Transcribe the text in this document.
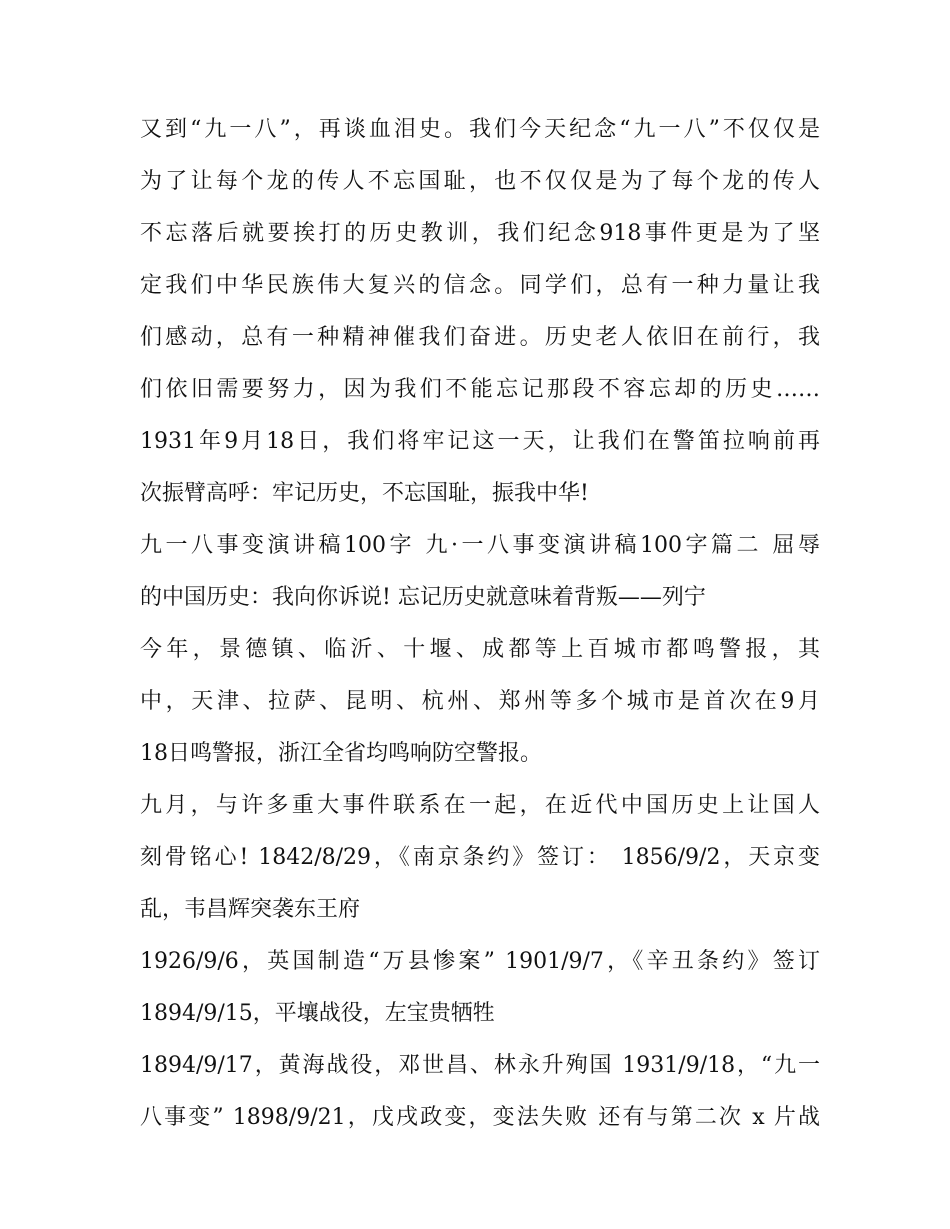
又到“九一八”，再谈血泪史。我们今天纪念“九一八”不仅仅是
为了让每个龙的传人不忘国耻，也不仅仅是为了每个龙的传人
不忘落后就要挨打的历史教训，我们纪念918事件更是为了坚
定我们中华民族伟大复兴的信念。同学们，总有一种力量让我
们感动，总有一种精神催我们奋进。历史老人依旧在前行，我
们依旧需要努力，因为我们不能忘记那段不容忘却的历史……
1931年9月18日，我们将牢记这一天，让我们在警笛拉响前再
次振臂高呼：牢记历史，不忘国耻，振我中华!
九一八事变演讲稿100字 九·一八事变演讲稿100字篇二 屈辱
的中国历史：我向你诉说! 忘记历史就意味着背叛——列宁
今年，景德镇、临沂、十堰、成都等上百城市都鸣警报，其
中，天津、拉萨、昆明、杭州、郑州等多个城市是首次在9月
18日鸣警报，浙江全省均鸣响防空警报。
九月，与许多重大事件联系在一起，在近代中国历史上让国人
刻骨铭心! 1842/8/29，《南京条约》签订： 1856/9/2，天京变
乱，韦昌辉突袭东王府
1926/9/6，英国制造“万县惨案” 1901/9/7，《辛丑条约》签订
1894/9/15，平壤战役，左宝贵牺牲
1894/9/17，黄海战役，邓世昌、林永升殉国 1931/9/18，“九一
八事变” 1898/9/21，戊戌政变，变法失败 还有与第二次 x 片战
